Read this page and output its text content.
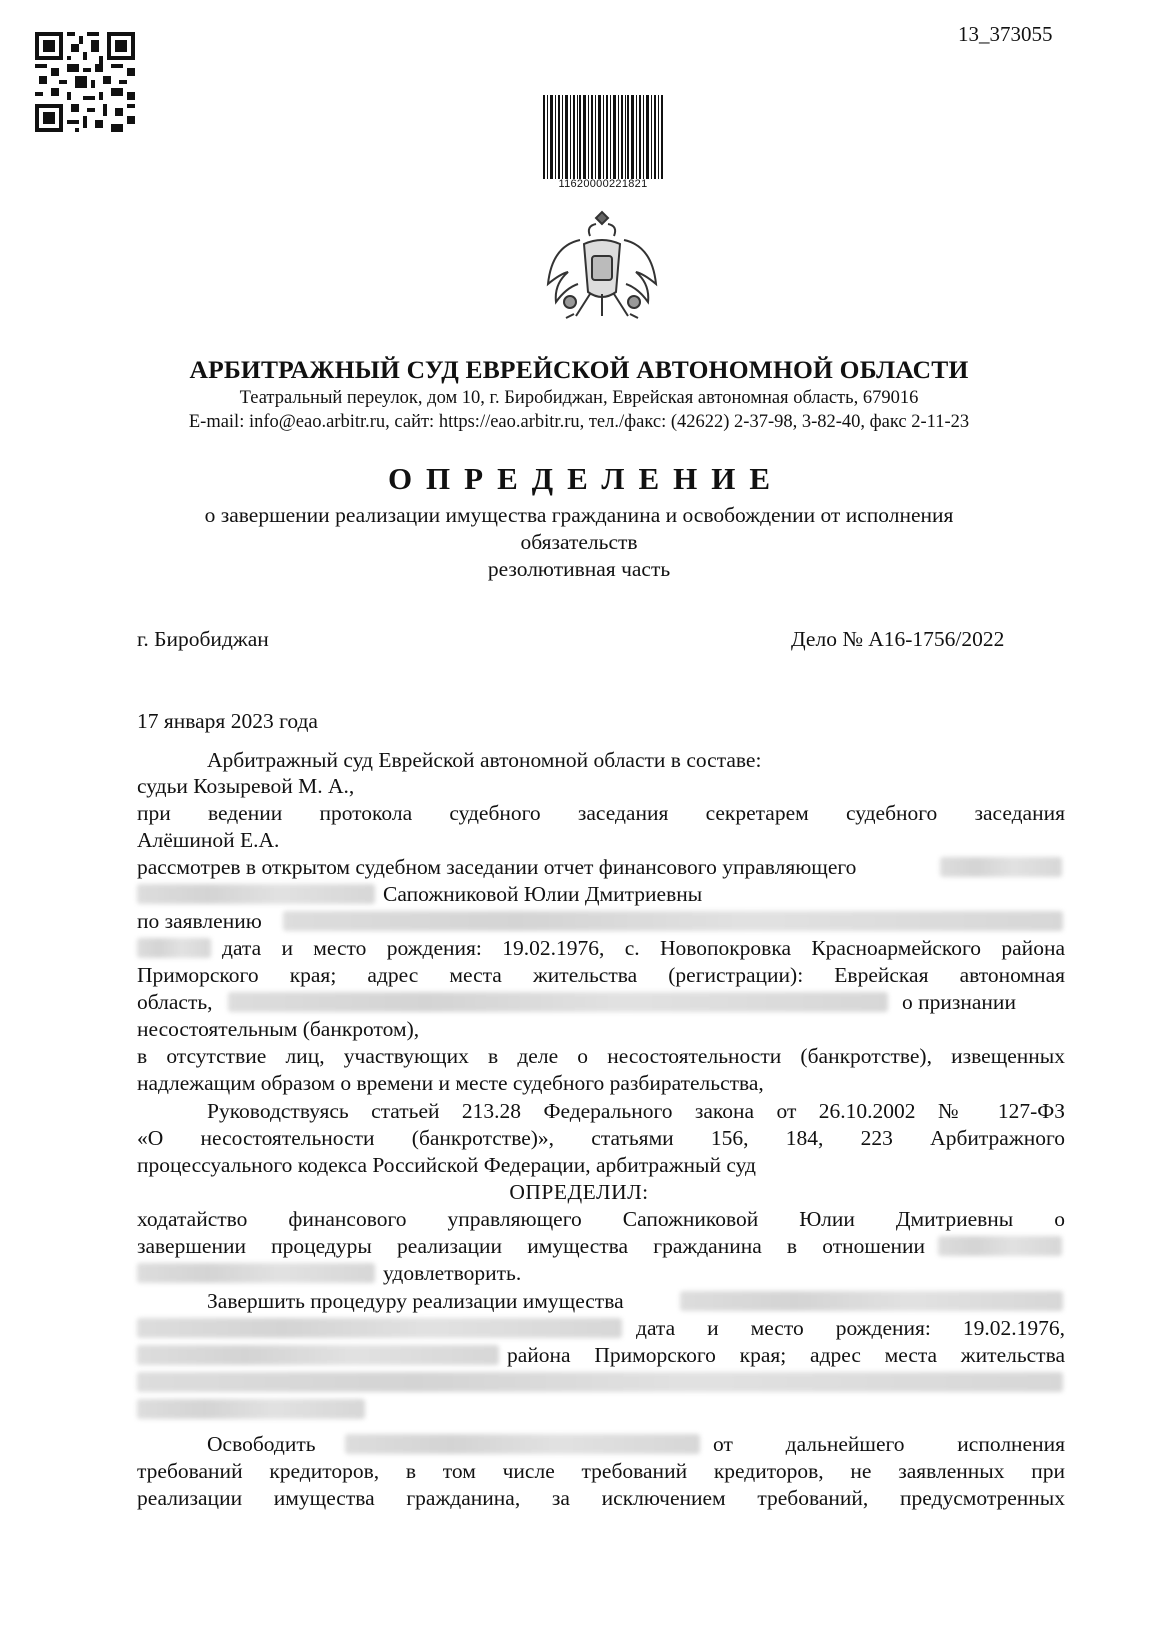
13_373055
11620000221821
АРБИТРАЖНЫЙ СУД ЕВРЕЙСКОЙ АВТОНОМНОЙ ОБЛАСТИ
Театральный переулок, дом 10, г. Биробиджан, Еврейская автономная область, 679016
E-mail: info@eao.arbitr.ru, сайт: https://eao.arbitr.ru, тел./факс: (42622) 2-37-98, 3-82-40, факс 2-11-23
ОПРЕДЕЛЕНИЕ
о завершении реализации имущества гражданина и освобождении от исполнения
обязательств
резолютивная часть
г. Биробиджан	Дело № А16-1756/2022
17 января 2023 года
Арбитражный суд Еврейской автономной области в составе:
судьи Козыревой М. А.,
при ведении протокола судебного заседания секретарем судебного заседания
Алёшиной Е.А.
рассмотрев в открытом судебном заседании отчет финансового управляющего
Сапожниковой Юлии Дмитриевны
по заявлению
дата и место рождения: 19.02.1976, с. Новопокровка Красноармейского района
Приморского края; адрес места жительства (регистрации): Еврейская автономная
область,	о признании
несостоятельным (банкротом),
в отсутствие лиц, участвующих в деле о несостоятельности (банкротстве), извещенных
надлежащим образом о времени и месте судебного разбирательства,
Руководствуясь статьей 213.28 Федерального закона от 26.10.2002 № 127-ФЗ
«О несостоятельности (банкротстве)», статьями 156, 184, 223 Арбитражного
процессуального кодекса Российской Федерации, арбитражный суд
ОПРЕДЕЛИЛ:
ходатайство финансового управляющего Сапожниковой Юлии Дмитриевны о
завершении процедуры реализации имущества гражданина в отношении
удовлетворить.
Завершить процедуру реализации имущества
дата и место рождения: 19.02.1976,
района Приморского края; адрес места жительства
Освободить	от дальнейшего исполнения
требований кредиторов, в том числе требований кредиторов, не заявленных при
реализации имущества гражданина, за исключением требований, предусмотренных
